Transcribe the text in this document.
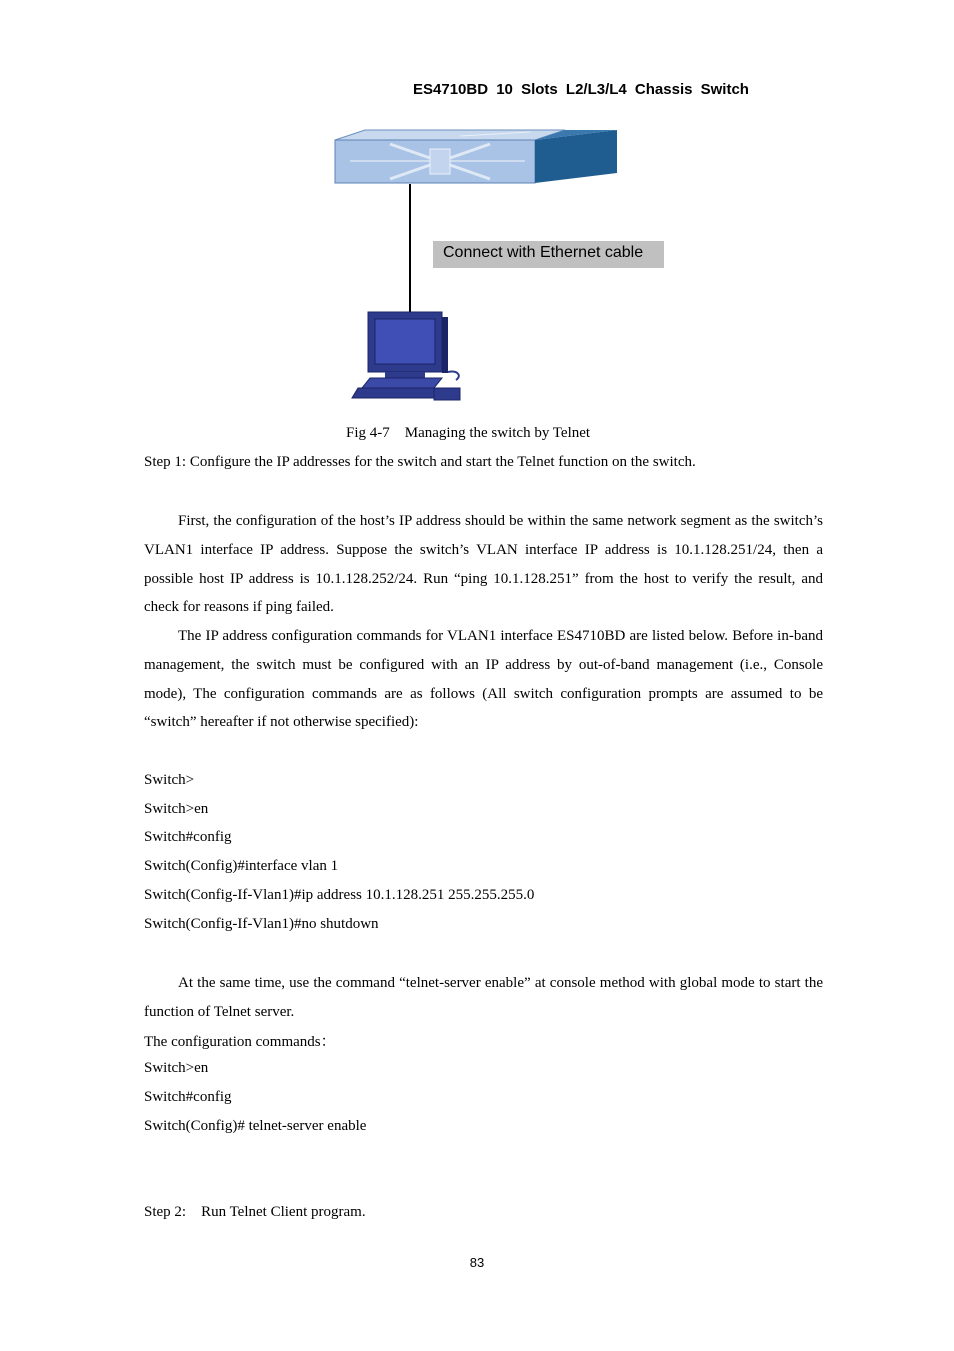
ES4710BD 10 Slots L2/L3/L4 Chassis Switch
Connect with Ethernet cable
Fig 4-7    Managing the switch by Telnet
Step 1: Configure the IP addresses for the switch and start the Telnet function on the switch.
First, the configuration of the host’s IP address should be within the same network segment as the switch’s VLAN1 interface IP address. Suppose the switch’s VLAN interface IP address is 10.1.128.251/24, then a possible host IP address is 10.1.128.252/24. Run “ping 10.1.128.251” from the host to verify the result, and check for reasons if ping failed.
The IP address configuration commands for VLAN1 interface ES4710BD are listed below. Before in-band management, the switch must be configured with an IP address by out-of-band management (i.e., Console mode), The configuration commands are as follows (All switch configuration prompts are assumed to be “switch” hereafter if not otherwise specified):
Switch>
Switch>en
Switch#config
Switch(Config)#interface vlan 1
Switch(Config-If-Vlan1)#ip address 10.1.128.251 255.255.255.0
Switch(Config-If-Vlan1)#no shutdown
At the same time, use the command “telnet-server enable” at console method with global mode to start the function of Telnet server.
The configuration commands：
Switch>en
Switch#config
Switch(Config)# telnet-server enable
Step 2:    Run Telnet Client program.
83
